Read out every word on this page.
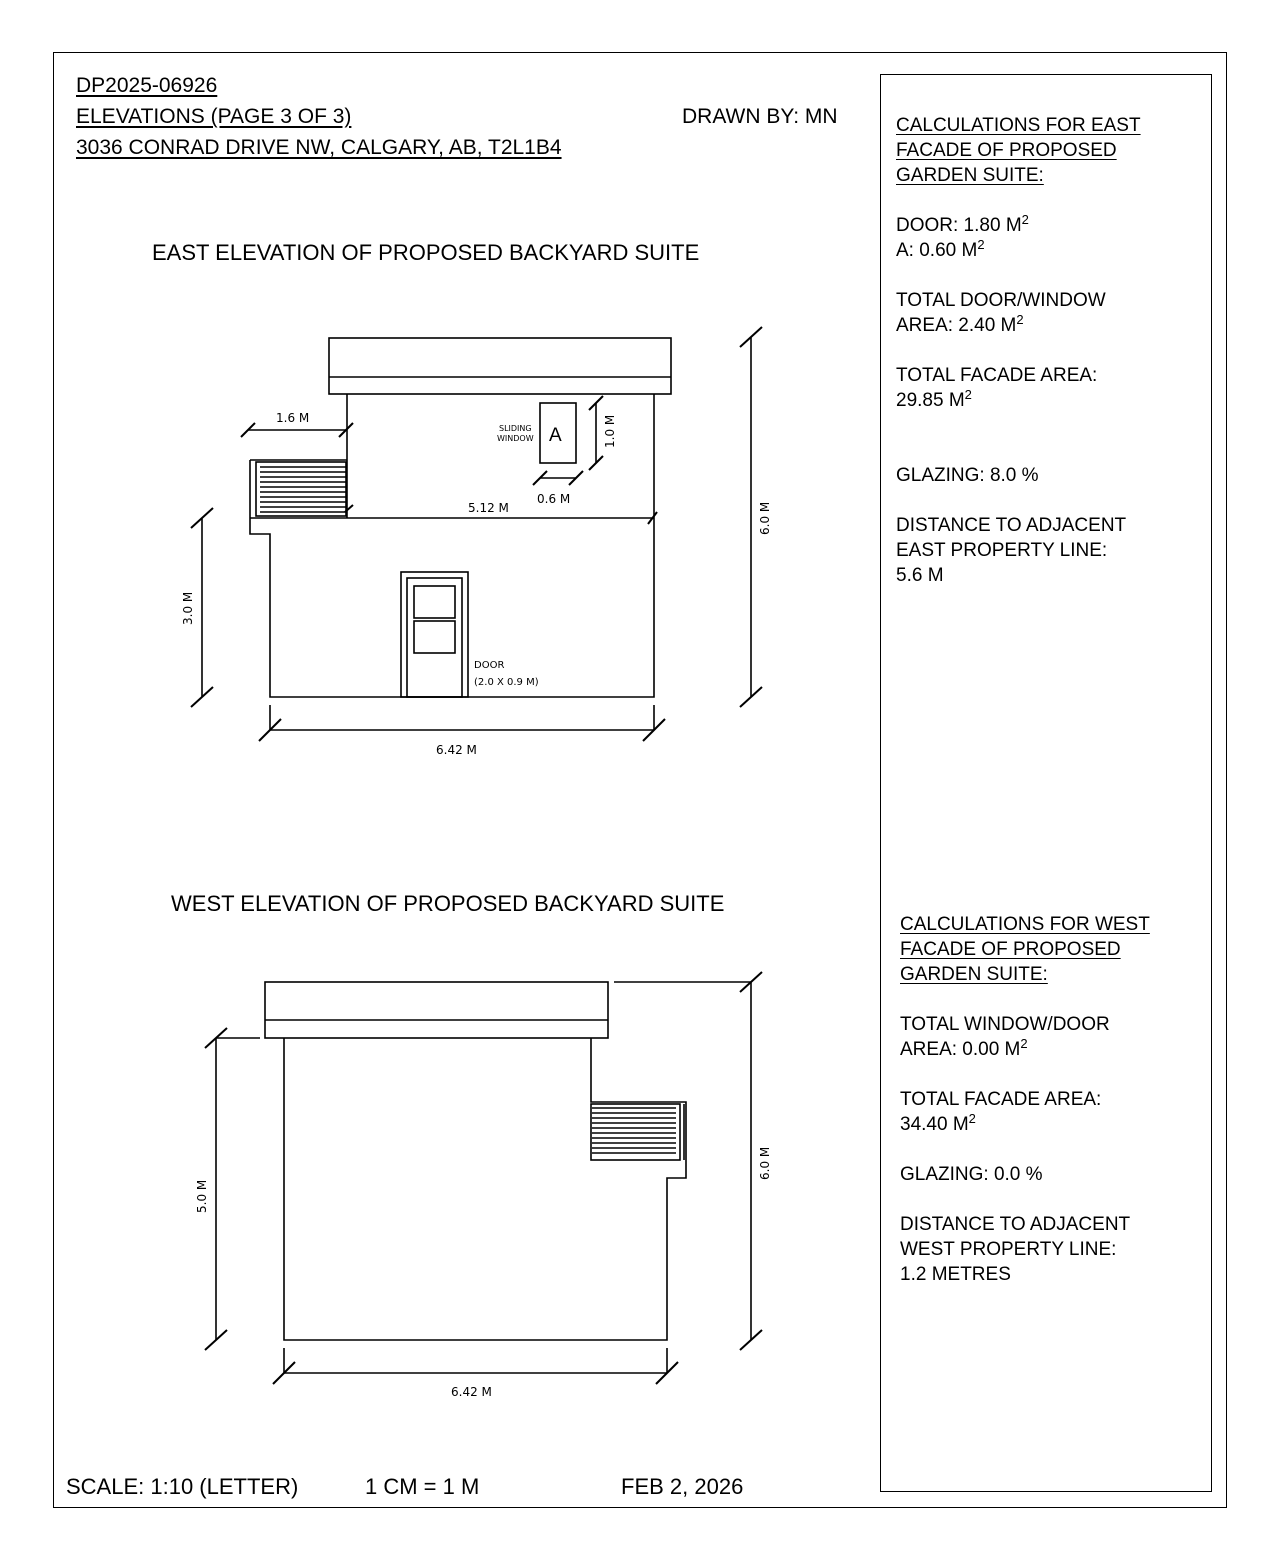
DP2025-06926
ELEVATIONS (PAGE 3 OF 3)
3036 CONRAD DRIVE NW, CALGARY, AB, T2L1B4
DRAWN BY: MN
EAST ELEVATION OF PROPOSED BACKYARD SUITE
WEST ELEVATION OF PROPOSED BACKYARD SUITE
1.6 M
5.12 M
0.6 M
1.0 M
6.0 M
3.0 M
6.42 M
A
SLIDING
WINDOW
DOOR
(2.0 X 0.9 M)
6.0 M
5.0 M
6.42 M
CALCULATIONS FOR EAST
FACADE OF PROPOSED
GARDEN SUITE:
DOOR: 1.80 $M^2$
A: 0.60 $M^2$
TOTAL DOOR/WINDOW
AREA: 2.40 $M^2$
TOTAL FACADE AREA:
29.85 $M^2$
GLAZING: 8.0 %
DISTANCE TO ADJACENT
EAST PROPERTY LINE:
5.6 M
CALCULATIONS FOR WEST
FACADE OF PROPOSED
GARDEN SUITE:
TOTAL WINDOW/DOOR
AREA: 0.00 $M^2$
TOTAL FACADE AREA:
34.40 $M^2$
GLAZING: 0.0 %
DISTANCE TO ADJACENT
WEST PROPERTY LINE:
1.2 METRES
SCALE: 1:10 (LETTER)	1 CM = 1 M	FEB 2, 2026
